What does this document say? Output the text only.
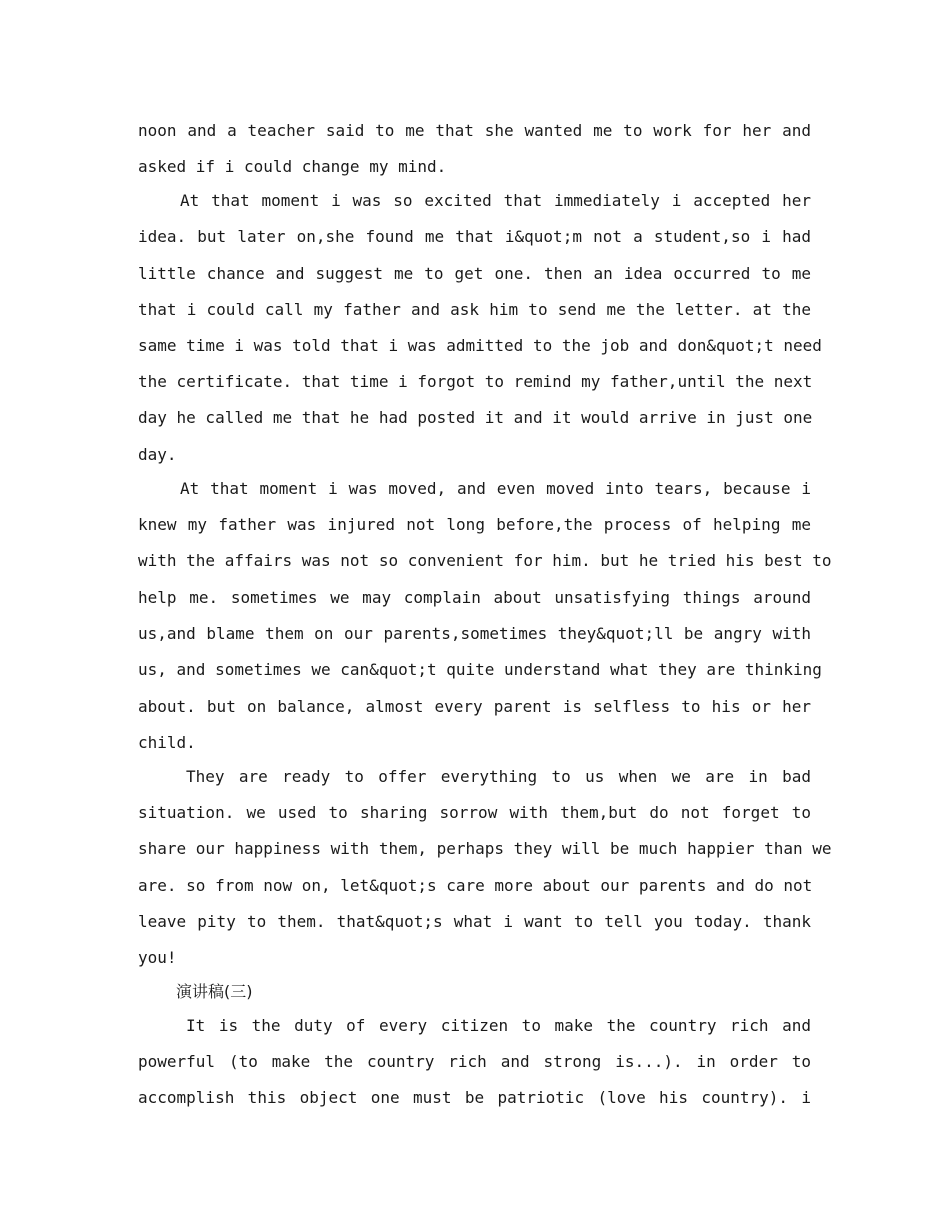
noon and a teacher said to me that she wanted me to work for her and
asked if i could change my mind.
At that moment i was so excited that immediately i accepted her
idea. but later on,she found me that i&quot;m not a student,so i had
little chance and suggest me to get one. then an idea occurred to me
that i could call my father and ask him to send me the letter. at the
same time i was told that i was admitted to the job and don&quot;t need
the certificate. that time i forgot to remind my father,until the next
day he called me that he had posted it and it would arrive in just one
day.
At that moment i was moved, and even moved into tears, because i
knew my father was injured not long before,the process of helping me
with the affairs was not so convenient for him. but he tried his best to
help me. sometimes we may complain about unsatisfying things around
us,and blame them on our parents,sometimes they&quot;ll be angry with
us, and sometimes we can&quot;t quite understand what they are thinking
about. but on balance, almost every parent is selfless to his or her
child.
They are ready to offer everything to us when we are in bad
situation. we used to sharing sorrow with them,but do not forget to
share our happiness with them, perhaps they will be much happier than we
are. so from now on, let&quot;s care more about our parents and do not
leave pity to them. that&quot;s what i want to tell you today. thank
you!
演讲稿(三)
It is the duty of every citizen to make the country rich and
powerful (to make the country rich and strong is...). in order to
accomplish this object one must be patriotic (love his country). i
